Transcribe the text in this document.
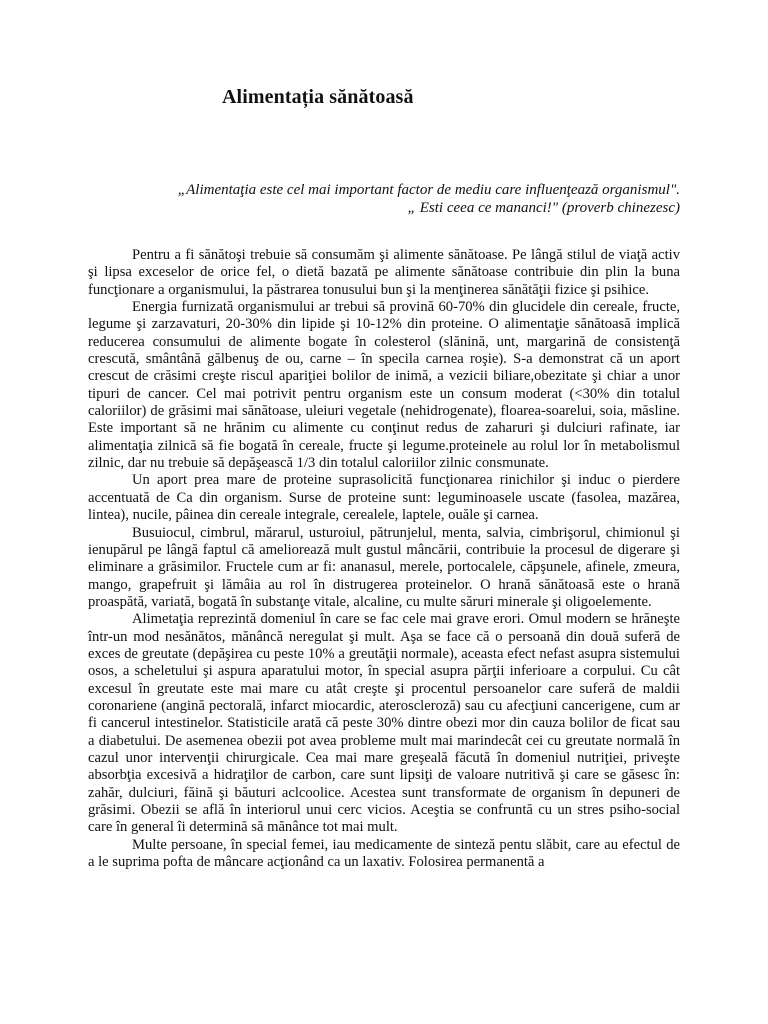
Alimentația sănătoasă

„Alimentaţia este cel mai important factor de mediu care influenţează organismul".

„ Esti ceea ce mananci!" (proverb chinezesc)

Pentru a fi sănătoşi trebuie să consumăm şi alimente sănătoase. Pe lângă stilul de viaţă activ şi lipsa exceselor de orice fel, o dietă bazată pe alimente sănătoase contribuie din plin la buna funcţionare a organismului, la păstrarea tonusului bun şi la menţinerea sănătăţii fizice şi psihice.

Energia furnizată organismului ar trebui să provină 60-70% din glucidele din cereale, fructe, legume şi zarzavaturi, 20-30% din lipide şi 10-12% din proteine. O alimentaţie sănătoasă implică reducerea consumului de alimente bogate în colesterol (slănină, unt, margarină de consistenţă crescută, smântână gălbenuş de ou, carne – în specila carnea roşie). S-a demonstrat că un aport crescut de crăsimi creşte riscul apariţiei bolilor de inimă, a vezicii biliare,obezitate şi chiar a unor tipuri de cancer. Cel mai potrivit pentru organism este un consum moderat (<30% din totalul caloriilor) de grăsimi mai sănătoase, uleiuri vegetale (nehidrogenate), floarea-soarelui, soia, măsline. Este important să ne hrănim cu alimente cu conţinut redus de zaharuri şi dulciuri rafinate, iar alimentaţia zilnică să fie bogată în cereale, fructe şi legume.proteinele au rolul lor în metabolismul zilnic, dar nu trebuie să depăşească 1/3 din totalul caloriilor zilnic consmunate.

Un aport prea mare de proteine suprasolicită funcţionarea rinichilor şi induc o pierdere accentuată de Ca din organism. Surse de proteine sunt: leguminoasele uscate (fasolea, mazărea, lintea), nucile, pâinea din cereale integrale, cerealele, laptele, ouăle şi carnea.

Busuiocul, cimbrul, mărarul, usturoiul, pătrunjelul, menta, salvia, cimbrişorul, chimionul şi ienupărul pe lângă faptul că ameliorează mult gustul mâncării, contribuie la procesul de digerare şi eliminare a grăsimilor. Fructele cum ar fi: ananasul, merele, portocalele, căpşunele, afinele, zmeura, mango, grapefruit şi lămâia au rol în distrugerea proteinelor. O hrană sănătoasă este o hrană proaspătă, variată, bogată în substanţe vitale, alcaline, cu multe săruri minerale şi oligoelemente.

Alimetaţia reprezintă domeniul în care se fac cele mai grave erori. Omul modern se hrăneşte într-un mod nesănătos, mănâncă neregulat şi mult. Aşa se face că o persoană din două suferă de exces de greutate (depăşirea cu peste 10% a greutăţii normale), aceasta efect nefast asupra sistemului osos, a scheletului şi aspura aparatului motor, în special asupra părţii inferioare a corpului. Cu cât excesul în greutate este mai mare cu atât creşte şi procentul persoanelor care suferă de maldii coronariene (angină pectorală, infarct miocardic, ateroscleroză) sau cu afecţiuni cancerigene, cum ar fi cancerul intestinelor. Statisticile arată că peste 30% dintre obezi mor din cauza bolilor de ficat sau a diabetului. De asemenea obezii pot avea probleme mult mai marindecât cei cu greutate normală în cazul unor intervenţii chirurgicale. Cea mai mare greşeală făcută în domeniul nutriţiei, priveşte absorbţia excesivă a hidraţilor de carbon, care sunt lipsiţi de valoare nutritivă şi care se găsesc în: zahăr, dulciuri, făină şi băuturi aclcoolice. Acestea sunt transformate de organism în depuneri de grăsimi. Obezii se află în interiorul unui cerc vicios. Aceştia se confruntă cu un stres psiho-social care în general îi determină să mănânce tot mai mult.

Multe persoane, în special femei, iau medicamente de sinteză pentu slăbit, care au efectul de a le suprima pofta de mâncare acţionând ca un laxativ. Folosirea permanentă a
